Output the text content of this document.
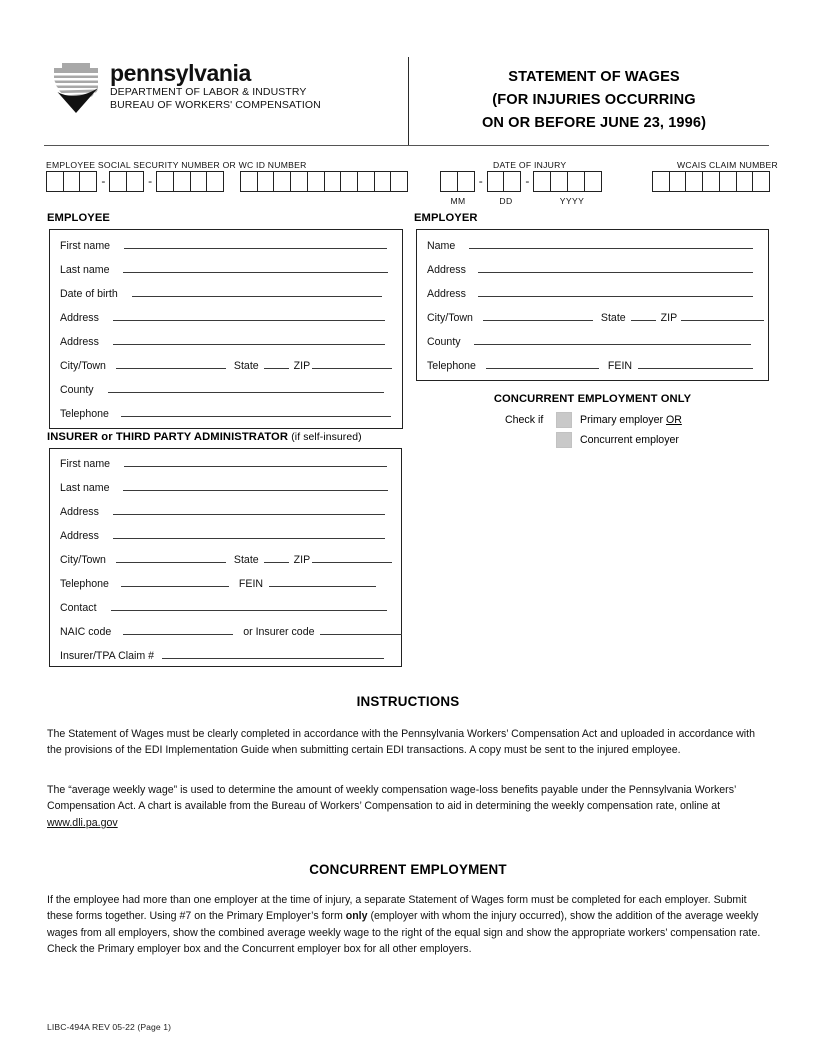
pennsylvania
DEPARTMENT OF LABOR & INDUSTRY
BUREAU OF WORKERS' COMPENSATION
STATEMENT OF WAGES
(FOR INJURIES OCCURRING
ON OR BEFORE JUNE 23, 1996)
EMPLOYEE SOCIAL SECURITY NUMBER OR WC ID NUMBER
-	-
DATE OF INJURY
-	-
MM	DD	YYYY
WCAIS CLAIM NUMBER
EMPLOYEE
First name
Last name
Date of birth
Address
Address
City/Town	State	ZIP
County
Telephone
EMPLOYER
Name
Address
Address
City/Town	State	ZIP
County
Telephone	FEIN
CONCURRENT EMPLOYMENT ONLY
Check if	Primary employer OR
Concurrent employer
INSURER or THIRD PARTY ADMINISTRATOR (if self-insured)
First name
Last name
Address
Address
City/Town	State	ZIP
Telephone	FEIN
Contact
NAIC code	or Insurer code
Insurer/TPA Claim #
INSTRUCTIONS
The Statement of Wages must be clearly completed in accordance with the Pennsylvania Workers’ Compensation Act and uploaded in accordance with the provisions of the EDI Implementation Guide when submitting certain EDI transactions. A copy must be sent to the injured employee.
The “average weekly wage” is used to determine the amount of weekly compensation wage-loss benefits payable under the Pennsylvania Workers’ Compensation Act. A chart is available from the Bureau of Workers’ Compensation to aid in determining the weekly compensation rate, online at www.dli.pa.gov
CONCURRENT EMPLOYMENT
If the employee had more than one employer at the time of injury, a separate Statement of Wages form must be completed for each employer. Submit these forms together. Using #7 on the Primary Employer’s form only (employer with whom the injury occurred), show the addition of the average weekly wages from all employers, show the combined average weekly wage to the right of the equal sign and show the appropriate workers’ compensation rate. Check the Primary employer box and the Concurrent employer box for all other employers.
LIBC-494A REV 05-22 (Page 1)
